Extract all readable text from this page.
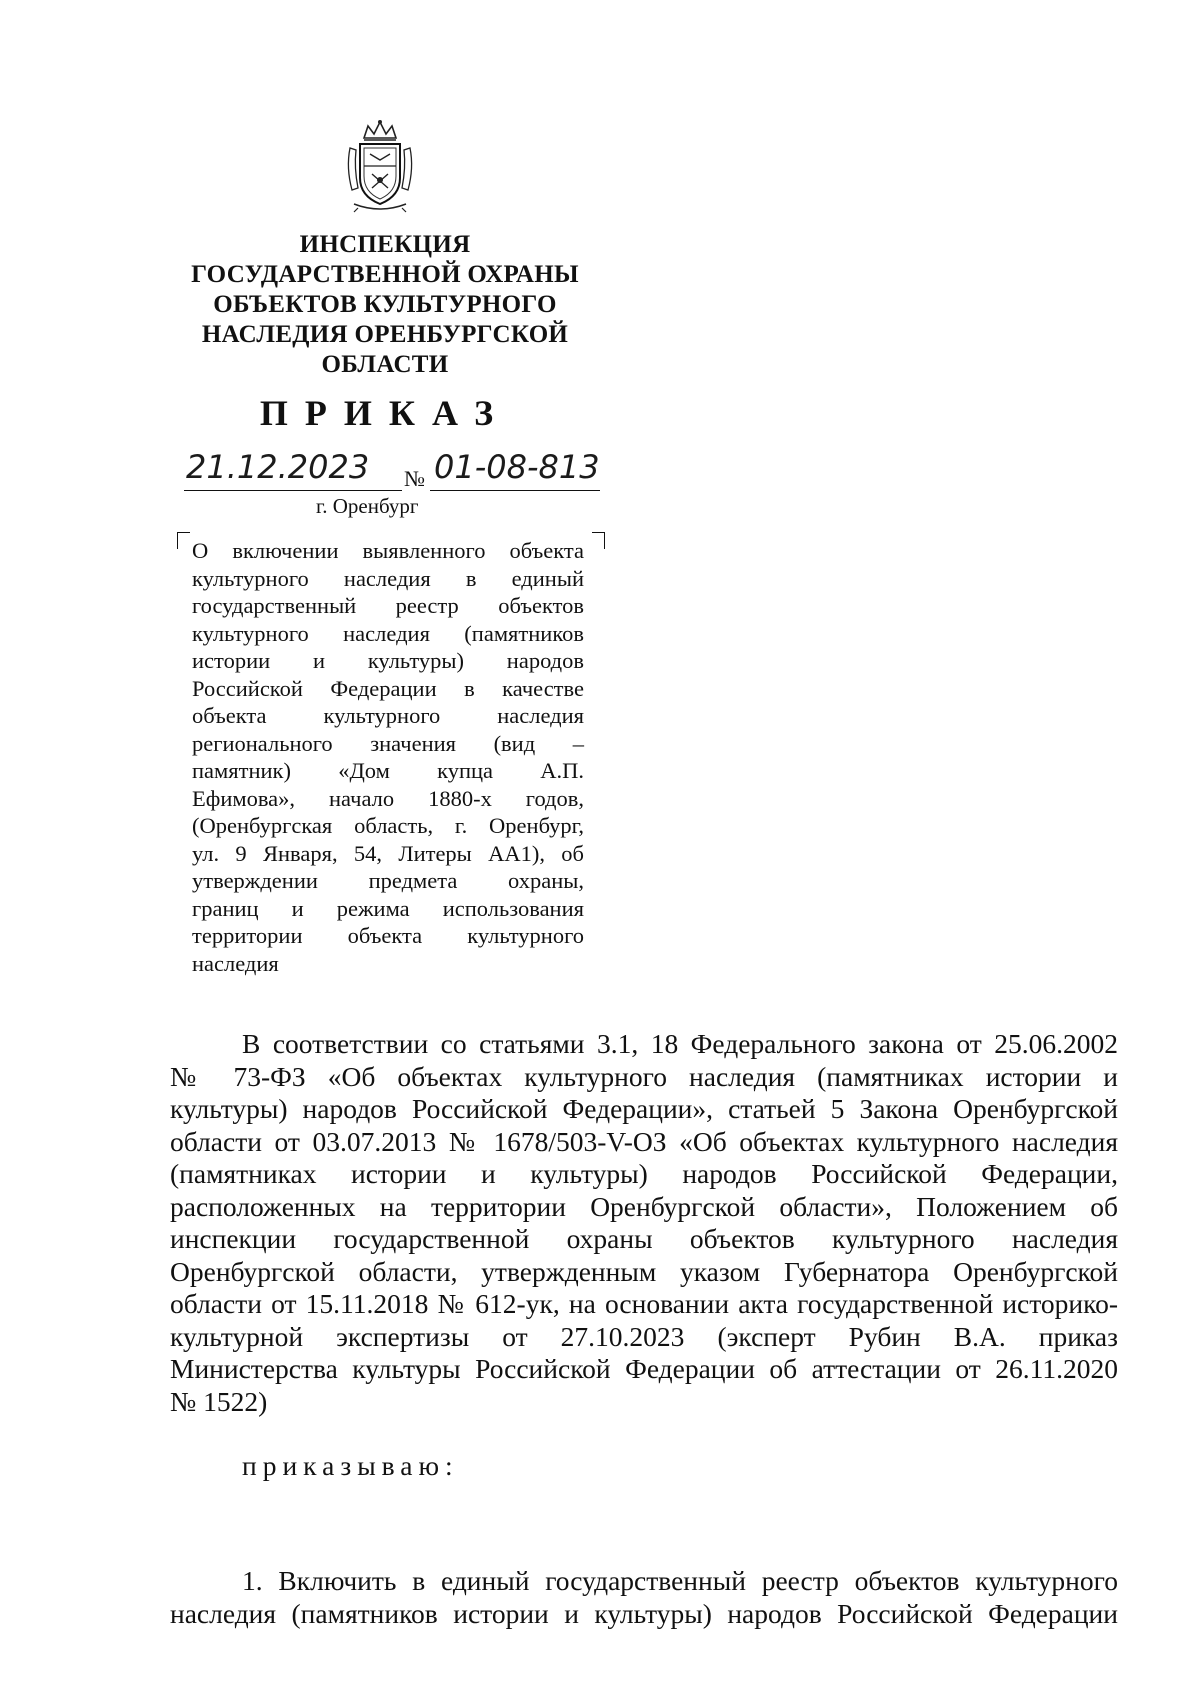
ИНСПЕКЦИЯ
ГОСУДАРСТВЕННОЙ ОХРАНЫ
ОБЪЕКТОВ КУЛЬТУРНОГО
НАСЛЕДИЯ ОРЕНБУРГСКОЙ
ОБЛАСТИ
ПРИКАЗ
21.12.2023 № 01-08-813
г. Оренбург
О включении выявленного объекта
культурного наследия в единый
государственный реестр объектов
культурного наследия (памятников
истории и культуры) народов
Российской Федерации в качестве
объекта культурного наследия
регионального значения (вид –
памятник) «Дом купца А.П.
Ефимова», начало 1880-х годов,
(Оренбургская область, г. Оренбург,
ул. 9 Января, 54, Литеры АА1), об
утверждении предмета охраны,
границ и режима использования
территории объекта культурного
наследия
В соответствии со статьями 3.1, 18 Федерального закона от 25.06.2002
№ 73-ФЗ «Об объектах культурного наследия (памятниках истории и
культуры) народов Российской Федерации», статьей 5 Закона Оренбургской
области от 03.07.2013 № 1678/503-V-ОЗ «Об объектах культурного наследия
(памятниках истории и культуры) народов Российской Федерации,
расположенных на территории Оренбургской области», Положением об
инспекции государственной охраны объектов культурного наследия
Оренбургской области, утвержденным указом Губернатора Оренбургской
области от 15.11.2018 № 612-ук, на основании акта государственной историко-
культурной экспертизы от 27.10.2023 (эксперт Рубин В.А. приказ
Министерства культуры Российской Федерации об аттестации от 26.11.2020
№ 1522)
приказываю:
1. Включить в единый государственный реестр объектов культурного
наследия (памятников истории и культуры) народов Российской Федерации
